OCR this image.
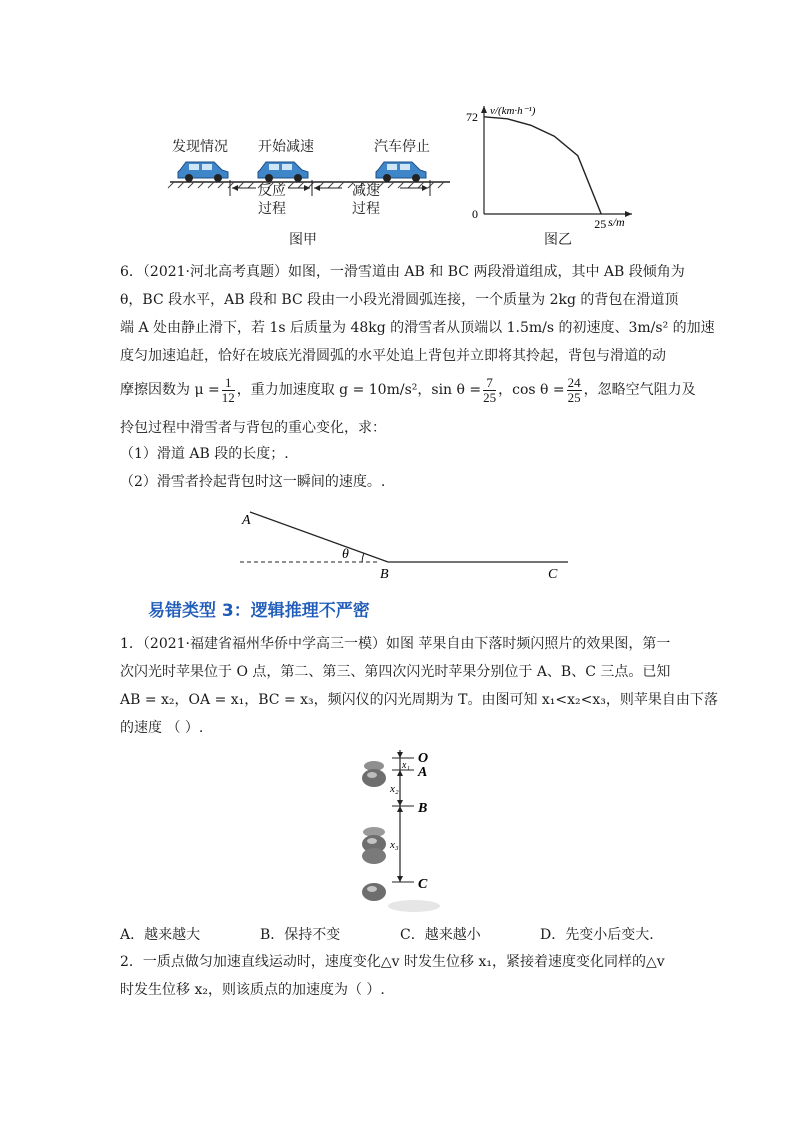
发现情况 开始减速	汽车停止
反应
过程
减速
过程
图甲
72
25
0
v/(km·h⁻¹)
s/m
图乙
6．（2021·河北高考真题）如图，一滑雪道由 AB 和 BC 两段滑道组成，其中 AB 段倾角为
θ，BC 段水平，AB 段和 BC 段由一小段光滑圆弧连接，一个质量为 2kg 的背包在滑道顶
端 A 处由静止滑下，若 1s 后质量为 48kg 的滑雪者从顶端以 1.5m/s 的初速度、3m/s² 的加速
度匀加速追赶，恰好在坡底光滑圆弧的水平处追上背包并立即将其拎起，背包与滑道的动
摩擦因数为 $\mu = \frac{1}{12}$ ，重力加速度取 g = 10m/s²，$\sin \theta = \frac{7}{25}$ ，$\cos \theta = \frac{24}{25}$ ，忽略空气阻力及
拎包过程中滑雪者与背包的重心变化，求：
（1）滑道 AB 段的长度；.
（2）滑雪者拎起背包时这一瞬间的速度。.
A
B	C
θ
易错类型 3：逻辑推理不严密
1．（2021·福建省福州华侨中学高三一模）如图 苹果自由下落时频闪照片的效果图，第一
次闪光时苹果位于 O 点，第二、第三、第四次闪光时苹果分别位于 A、B、C 三点。已知
AB = x₂，OA = x₁，BC = x₃，频闪仪的闪光周期为 T。由图可知 x₁<x₂<x₃，则苹果自由下落
的速度 （ ）.
O
A
B
C
x₁
x₂
x₃
A．越来越大	B．保持不变	C．越来越小	D．先变小后变大.
2．一质点做匀加速直线运动时，速度变化△v 时发生位移 x₁，紧接着速度变化同样的△v
时发生位移 x₂，则该质点的加速度为（ ）.
